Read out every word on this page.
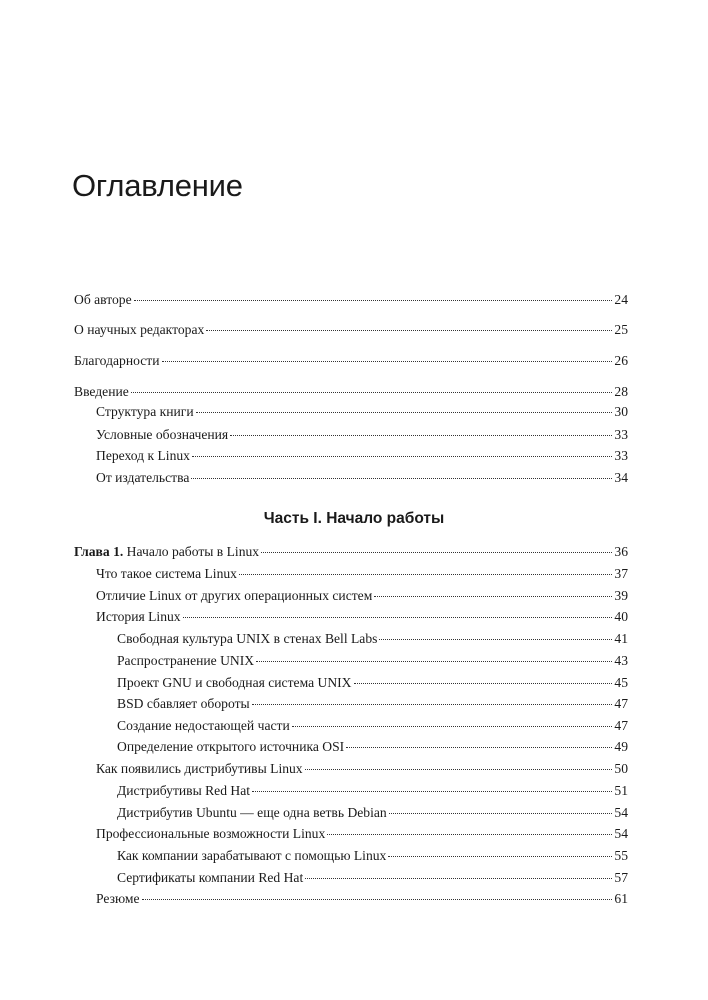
Оглавление
Об авторе	24
О научных редакторах	25
Благодарности	26
Введение	28
Структура книги	30
Условные обозначения	33
Переход к Linux	33
От издательства	34
Часть I. Начало работы
Глава 1. Начало работы в Linux	36
Что такое система Linux	37
Отличие Linux от других операционных систем	39
История Linux	40
Свободная культура UNIX в стенах Bell Labs	41
Распространение UNIX	43
Проект GNU и свободная система UNIX	45
BSD сбавляет обороты	47
Создание недостающей части	47
Определение открытого источника OSI	49
Как появились дистрибутивы Linux	50
Дистрибутивы Red Hat	51
Дистрибутив Ubuntu — еще одна ветвь Debian	54
Профессиональные возможности Linux	54
Как компании зарабатывают с помощью Linux	55
Сертификаты компании Red Hat	57
Резюме	61
